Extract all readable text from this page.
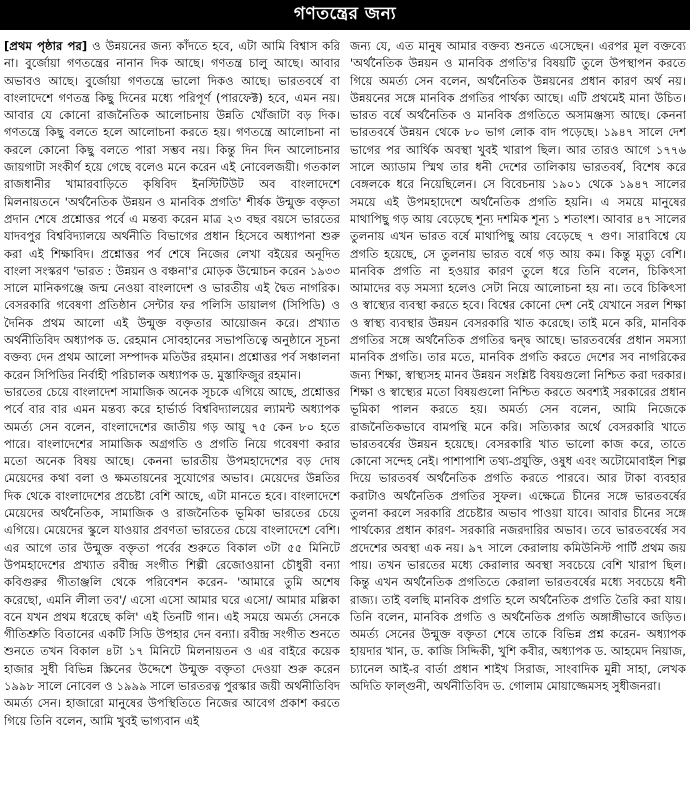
গণতন্ত্রের জন্য

[প্রথম পৃষ্ঠার পর] ও উন্নয়নের জন্য কাঁদতে হবে, এটা আমি বিশ্বাস করি না। বুর্জোয়া গণতন্ত্রের নানান দিক আছে। গণতন্ত্র চালু আছে। আবার অভাবও আছে। বুর্জোয়া গণতন্ত্রে ভালো দিকও আছে। ভারতবর্ষে বা বাংলাদেশে গণতন্ত্র কিছু দিনের মধ্যে পরিপূর্ণ (পারফেক্ট) হবে, এমন নয়। আবার যে কোনো রাজনৈতিক আলোচনায় উন্নতি খোঁজাটা বড় দিক। গণতন্ত্রে কিছু বলতে হলে আলোচনা করতে হয়। গণতন্ত্রে আলোচনা না করলে কোনো কিছু বলতে পারা সম্ভব নয়। কিন্তু দিন দিন আলোচনার জায়গাটা সংকীর্ণ হয়ে গেছে বলেও মনে করেন এই নোবেলজয়ী। গতকাল রাজধানীর খামারবাড়িতে কৃষিবিদ ইনস্টিটিউট অব বাংলাদেশে মিলনায়তনে 'অর্থনৈতিক উন্নয়ন ও মানবিক প্রগতি' শীর্ষক উন্মুক্ত বক্তৃতা প্রদান শেষে প্রশ্নোত্তর পর্বে এ মন্তব্য করেন মাত্র ২৩ বছর বয়সে ভারতের যাদবপুর বিশ্ববিদ্যালয়ে অর্থনীতি বিভাগের প্রধান হিসেবে অধ্যাপনা শুরু করা এই শিক্ষাবিদ। প্রশ্নোত্তর পর্ব শেষে নিজের লেখা বইয়ের অনূদিত বাংলা সংস্করণ 'ভারত : উন্নয়ন ও বঞ্চনা'র মোড়ক উন্মোচন করেন ১৯৩৩ সালে মানিকগঞ্জে জন্ম নেওয়া বাংলাদেশ ও ভারতীয় এই দ্বৈত নাগরিক। বেসরকারি গবেষণা প্রতিষ্ঠান সেন্টার ফর পলিসি ডায়ালগ (সিপিডি) ও দৈনিক প্রথম আলো এই উন্মুক্ত বক্তৃতার আয়োজন করে। প্রখ্যাত অর্থনীতিবিদ অধ্যাপক ড. রেহমান সোবহানের সভাপতিত্বে অনুষ্ঠানে সূচনা বক্তব্য দেন প্রথম আলো সম্পাদক মতিউর রহমান। প্রশ্নোত্তর পর্ব সঞ্চালনা করেন সিপিডির নির্বাহী পরিচালক অধ্যাপক ড. মুস্তাফিজুর রহমান।

ভারতের চেয়ে বাংলাদেশ সামাজিক অনেক সূচকে এগিয়ে আছে, প্রশ্নোত্তর পর্বে বার বার এমন মন্তব্য করে হার্ভার্ড বিশ্ববিদ্যালয়ের ল্যামন্ট অধ্যাপক অমর্ত্য সেন বলেন, বাংলাদেশের জাতীয় গড় আয়ু ৭৫ কেন ৮০ হতে পারে। বাংলাদেশের সামাজিক অগ্রগতি ও প্রগতি নিয়ে গবেষণা করার মতো অনেক বিষয় আছে। কেননা ভারতীয় উপমহাদেশের বড় দোষ মেয়েদের কথা বলা ও ক্ষমতায়নের সুযোগের অভাব। মেয়েদের উন্নতির দিক থেকে বাংলাদেশের প্রচেষ্টা বেশি আছে, এটা মানতে হবে। বাংলাদেশে মেয়েদের অর্থনৈতিক, সামাজিক ও রাজনৈতিক ভূমিকা ভারতের চেয়ে এগিয়ে। মেয়েদের স্কুলে যাওয়ার প্রবণতা ভারতের চেয়ে বাংলাদেশে বেশি। এর আগে তার উন্মুক্ত বক্তৃতা পর্বের শুরুতে বিকাল ৩টা ৫৫ মিনিটে উপমহাদেশের প্রখ্যাত রবীন্দ্র সংগীত শিল্পী রেজোওয়ানা চৌধুরী বন্যা কবিগুরুর গীতাঞ্জলি থেকে পরিবেশন করেন- 'আমারে তুমি অশেষ করেছো, এমনি লীলা তব'/ এসো এসো আমার ঘরে এসো/ আমার মল্লিকা বনে যখন প্রথম ধরেছে কলি' এই তিনটি গান। এই সময়ে অমর্ত্য সেনকে গীতিশ্রুতি বিতানের একটি সিডি উপহার দেন বন্যা। রবীন্দ্র সংগীত শুনতে শুনতে তখন বিকাল ৪টা ১৭ মিনিটে মিলনায়তন ও এর বাইরে কয়েক হাজার সুধী বিভিন্ন স্ক্রিনের উদ্দেশে উন্মুক্ত বক্তৃতা দেওয়া শুরু করেন ১৯৯৮ সালে নোবেল ও ১৯৯৯ সালে ভারতরত্ন পুরস্কার জয়ী অর্থনীতিবিদ অমর্ত্য সেন। হাজারো মানুষের উপস্থিতিতে নিজের আবেগ প্রকাশ করতে গিয়ে তিনি বলেন, আমি খুবই ভাগ্যবান এই

জন্য যে, এত মানুষ আমার বক্তব্য শুনতে এসেছেন। এরপর মূল বক্তব্যে 'অর্থনৈতিক উন্নয়ন ও মানবিক প্রগতি'র বিষয়টি তুলে উপস্থাপন করতে গিয়ে অমর্ত্য সেন বলেন, অর্থনৈতিক উন্নয়নের প্রধান কারণ অর্থ নয়। উন্নয়নের সঙ্গে মানবিক প্রগতির পার্থক্য আছে। এটি প্রথমেই মানা উচিত। ভারত বর্ষে অর্থনৈতিক ও মানবিক প্রগতিতে অসামঞ্জস্য আছে। কেননা ভারতবর্ষে উন্নয়ন থেকে ৮০ ভাগ লোক বাদ পড়েছে। ১৯৪৭ সালে দেশ ভাগের পর আর্থিক অবস্থা খুবই খারাপ ছিল। আর তারও আগে ১৭৭৬ সালে অ্যাডাম স্মিথ তার ধনী দেশের তালিকায় ভারতবর্ষ, বিশেষ করে বেঙ্গলকে ধরে নিয়েছিলেন। সে বিবেচনায় ১৯০১ থেকে ১৯৪৭ সালের সময়ে এই উপমহাদেশে অর্থনৈতিক প্রগতি হয়নি। এ সময়ে মানুষের মাথাপিছু গড় আয় বেড়েছে শূন্য দশমিক শূন্য ১ শতাংশ। আবার ৪৭ সালের তুলনায় এখন ভারত বর্ষে মাথাপিছু আয় বেড়েছে ৭ গুণ। সারাবিশ্বে যে প্রগতি হয়েছে, সে তুলনায় ভারত বর্ষে গড় আয় কম। কিন্তু মৃত্যু বেশি। মানবিক প্রগতি না হওয়ার কারণ তুলে ধরে তিনি বলেন, চিকিৎসা আমাদের বড় সমস্যা হলেও সেটা নিয়ে আলোচনা হয় না। তবে চিকিৎসা ও স্বাস্থ্যের ব্যবস্থা করতে হবে। বিশ্বের কোনো দেশ নেই যেখানে সরল শিক্ষা ও স্বাস্থ্য ব্যবস্থার উন্নয়ন বেসরকারি খাত করেছে। তাই মনে করি, মানবিক প্রগতির সঙ্গে অর্থনৈতিক প্রগতির দ্বন্দ্ব আছে। ভারতবর্ষের প্রধান সমস্যা মানবিক প্রগতি। তার মতে, মানবিক প্রগতি করতে দেশের সব নাগরিকের জন্য শিক্ষা, স্বাস্থ্যসহ মানব উন্নয়ন সংশ্লিষ্ট বিষয়গুলো নিশ্চিত করা দরকার। শিক্ষা ও স্বাস্থ্যের মতো বিষয়গুলো নিশ্চিত করতে অবশ্যই সরকারের প্রধান ভূমিকা পালন করতে হয়। অমর্ত্য সেন বলেন, আমি নিজেকে রাজনৈতিকভাবে বামপন্থি মনে করি। সত্যিকার অর্থে বেসরকারি খাতে ভারতবর্ষের উন্নয়ন হয়েছে। বেসরকারি খাত ভালো কাজ করে, তাতে কোনো সন্দেহ নেই। পাশাপাশি তথ্য-প্রযুক্তি, ওষুধ এবং অটোমোবাইল শিল্প দিয়ে ভারতবর্ষ অর্থনৈতিক প্রগতি করতে পারবে। আর টাকা ব্যবহার করাটাও অর্থনৈতিক প্রগতির সুফল। এক্ষেত্রে চীনের সঙ্গে ভারতবর্ষের তুলনা করলে সরকারি প্রচেষ্টার অভাব পাওয়া যাবে। আবার চীনের সঙ্গে পার্থক্যের প্রধান কারণ- সরকারি নজরদারির অভাব। তবে ভারতবর্ষের সব প্রদেশের অবস্থা এক নয়। ৯৭ সালে কেরালায় কমিউনিস্ট পার্টি প্রথম জয় পায়। তখন ভারতের মধ্যে কেরালার অবস্থা সবচেয়ে বেশি খারাপ ছিল। কিন্তু এখন অর্থনৈতিক প্রগতিতে কেরালা ভারতবর্ষের মধ্যে সবচেয়ে ধনী রাজ্য। তাই বলছি মানবিক প্রগতি হলে অর্থনৈতিক প্রগতি তৈরি করা যায়। তিনি বলেন, মানবিক প্রগতি ও অর্থনৈতিক প্রগতি অঙ্গাঙ্গীভাবে জড়িত। অমর্ত্য সেনের উন্মুক্ত বক্তৃতা শেষে তাকে বিভিন্ন প্রশ্ন করেন- অধ্যাপক হায়দার খান, ড. কাজি সিদ্দিকী, খুশি কবীর, অধ্যাপক ড. আহমেদ নিয়াজ, চ্যানেল আই-র বার্তা প্রধান শাইখ সিরাজ, সাংবাদিক মুন্নী সাহা, লেখক অদিতি ফাল্গুনী, অর্থনীতিবিদ ড. গোলাম মোয়াজ্জেমসহ সুধীজনরা।
